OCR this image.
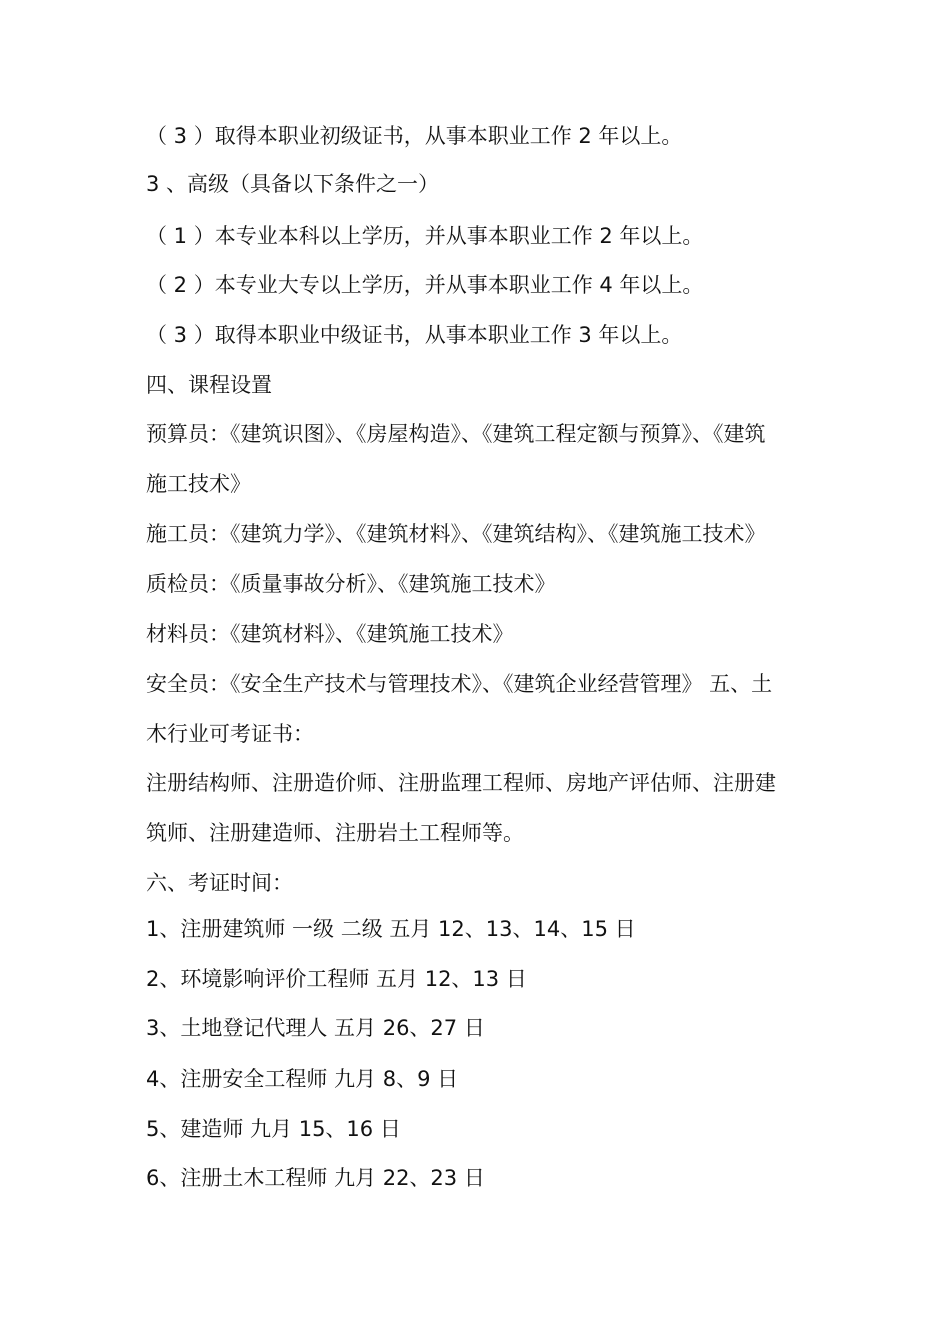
（ 3 ）取得本职业初级证书，从事本职业工作 2 年以上。
3 、高级（具备以下条件之一）
（ 1 ）本专业本科以上学历，并从事本职业工作 2 年以上。
（ 2 ）本专业大专以上学历，并从事本职业工作 4 年以上。
（ 3 ）取得本职业中级证书，从事本职业工作 3 年以上。
四、课程设置
预算员：《建筑识图》、《房屋构造》、《建筑工程定额与预算》、《建筑
施工技术》
施工员：《建筑力学》、《建筑材料》、《建筑结构》、《建筑施工技术》
质检员：《质量事故分析》、《建筑施工技术》
材料员：《建筑材料》、《建筑施工技术》
安全员：《安全生产技术与管理技术》、《建筑企业经营管理》 五、土
木行业可考证书：
注册结构师、注册造价师、注册监理工程师、房地产评估师、注册建
筑师、注册建造师、注册岩土工程师等。
六、考证时间：
1、注册建筑师 一级 二级 五月 12、13、14、15 日
2、环境影响评价工程师 五月 12、13 日
3、土地登记代理人 五月 26、27 日
4、注册安全工程师 九月 8、9 日
5、建造师 九月 15、16 日
6、注册土木工程师 九月 22、23 日
